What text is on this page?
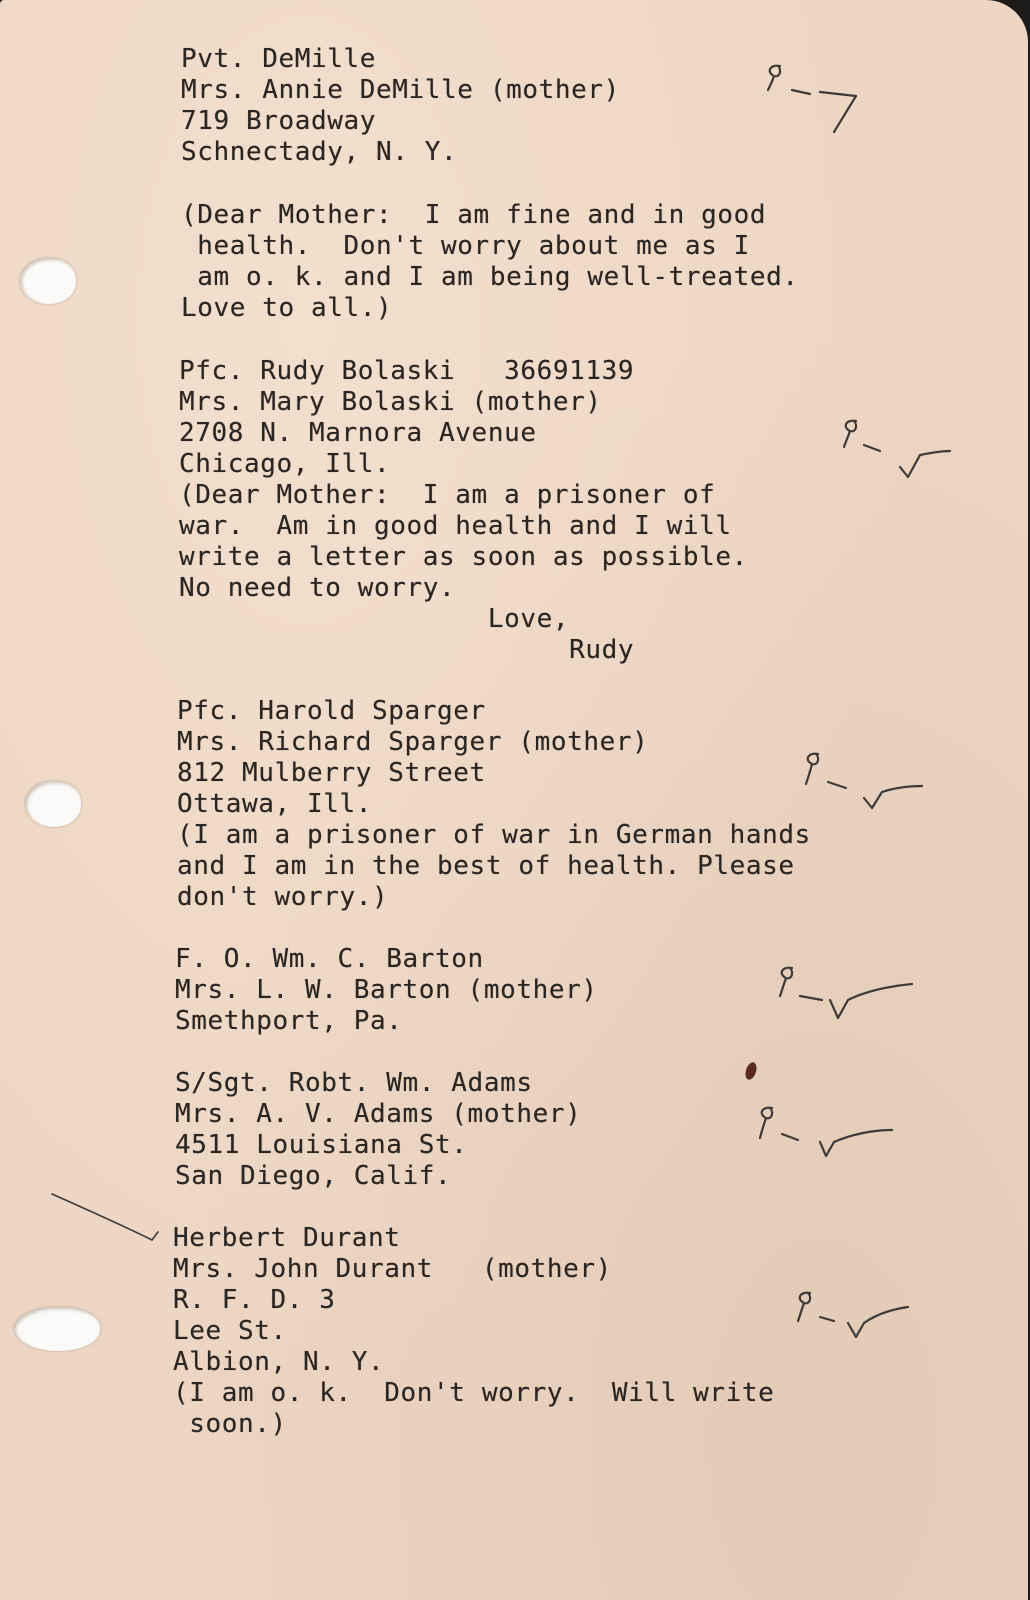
Pvt. DeMille
Mrs. Annie DeMille (mother)
719 Broadway
Schnectady, N. Y.
(Dear Mother:  I am fine and in good
health.  Don't worry about me as I
am o. k. and I am being well-treated.
Love to all.)
Pfc. Rudy Bolaski   36691139
Mrs. Mary Bolaski (mother)
2708 N. Marnora Avenue
Chicago, Ill.
(Dear Mother:  I am a prisoner of
war.  Am in good health and I will
write a letter as soon as possible.
No need to worry.
Love,
Rudy
Pfc. Harold Sparger
Mrs. Richard Sparger (mother)
812 Mulberry Street
Ottawa, Ill.
(I am a prisoner of war in German hands
and I am in the best of health. Please
don't worry.)
F. O. Wm. C. Barton
Mrs. L. W. Barton (mother)
Smethport, Pa.
S/Sgt. Robt. Wm. Adams
Mrs. A. V. Adams (mother)
4511 Louisiana St.
San Diego, Calif.
Herbert Durant
Mrs. John Durant   (mother)
R. F. D. 3
Lee St.
Albion, N. Y.
(I am o. k.  Don't worry.  Will write
soon.)
